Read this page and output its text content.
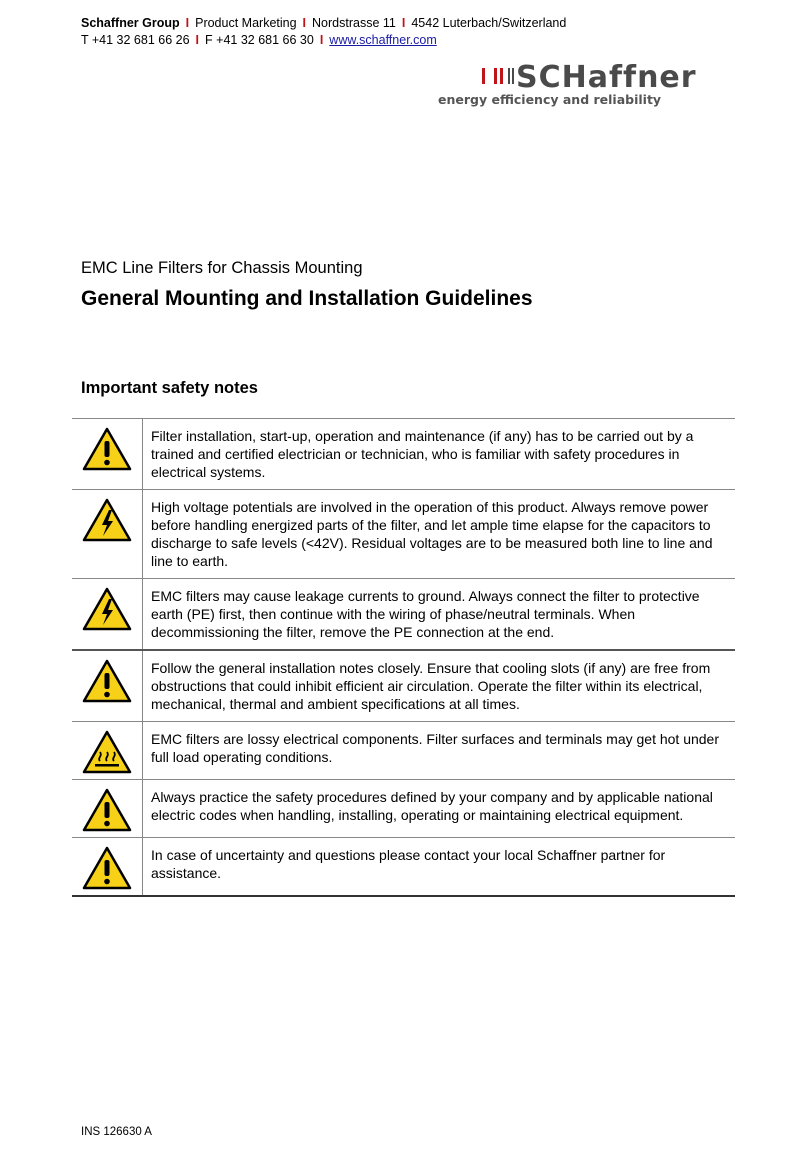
Schaffner Group I Product Marketing I Nordstrasse 11 I 4542 Luterbach/Switzerland
T +41 32 681 66 26 I F +41 32 681 66 30 I www.schaffner.com
SCHaffner
energy efficiency and reliability
EMC Line Filters for Chassis Mounting
General Mounting and Installation Guidelines
Important safety notes
	Filter installation, start-up, operation and maintenance (if any) has to be carried out by a trained and certified electrician or technician, who is familiar with safety procedures in electrical systems.
	High voltage potentials are involved in the operation of this product. Always remove power before handling energized parts of the filter, and let ample time elapse for the capacitors to discharge to safe levels (<42V). Residual voltages are to be measured both line to line and line to earth.
	EMC filters may cause leakage currents to ground. Always connect the filter to protective earth (PE) first, then continue with the wiring of phase/neutral terminals. When decommissioning the filter, remove the PE connection at the end.
	Follow the general installation notes closely. Ensure that cooling slots (if any) are free from obstructions that could inhibit efficient air circulation. Operate the filter within its electrical, mechanical, thermal and ambient specifications at all times.
	EMC filters are lossy electrical components. Filter surfaces and terminals may get hot under full load operating conditions.
	Always practice the safety procedures defined by your company and by applicable national electric codes when handling, installing, operating or maintaining electrical equipment.
	In case of uncertainty and questions please contact your local Schaffner partner for assistance.
INS 126630 A
